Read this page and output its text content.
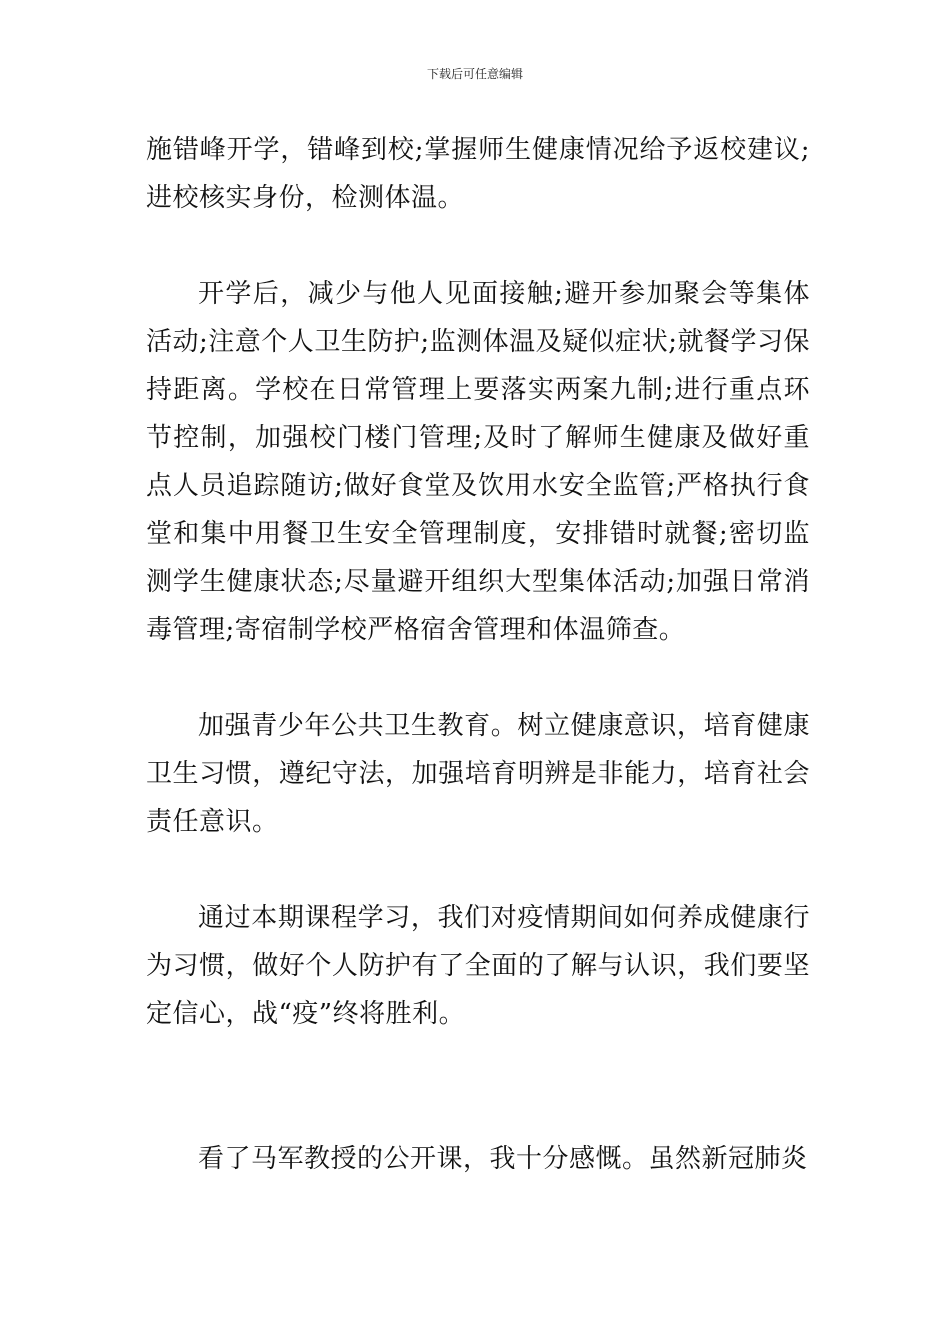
下载后可任意编辑

施错峰开学，错峰到校;掌握师生健康情况给予返校建议;进校核实身份，检测体温。

开学后，减少与他人见面接触;避开参加聚会等集体活动;注意个人卫生防护;监测体温及疑似症状;就餐学习保持距离。学校在日常管理上要落实两案九制;进行重点环节控制，加强校门楼门管理;及时了解师生健康及做好重点人员追踪随访;做好食堂及饮用水安全监管;严格执行食堂和集中用餐卫生安全管理制度，安排错时就餐;密切监测学生健康状态;尽量避开组织大型集体活动;加强日常消毒管理;寄宿制学校严格宿舍管理和体温筛查。

加强青少年公共卫生教育。树立健康意识，培育健康卫生习惯，遵纪守法，加强培育明辨是非能力，培育社会责任意识。

通过本期课程学习，我们对疫情期间如何养成健康行为习惯，做好个人防护有了全面的了解与认识，我们要坚定信心，战“疫”终将胜利。

看了马军教授的公开课，我十分感慨。虽然新冠肺炎
